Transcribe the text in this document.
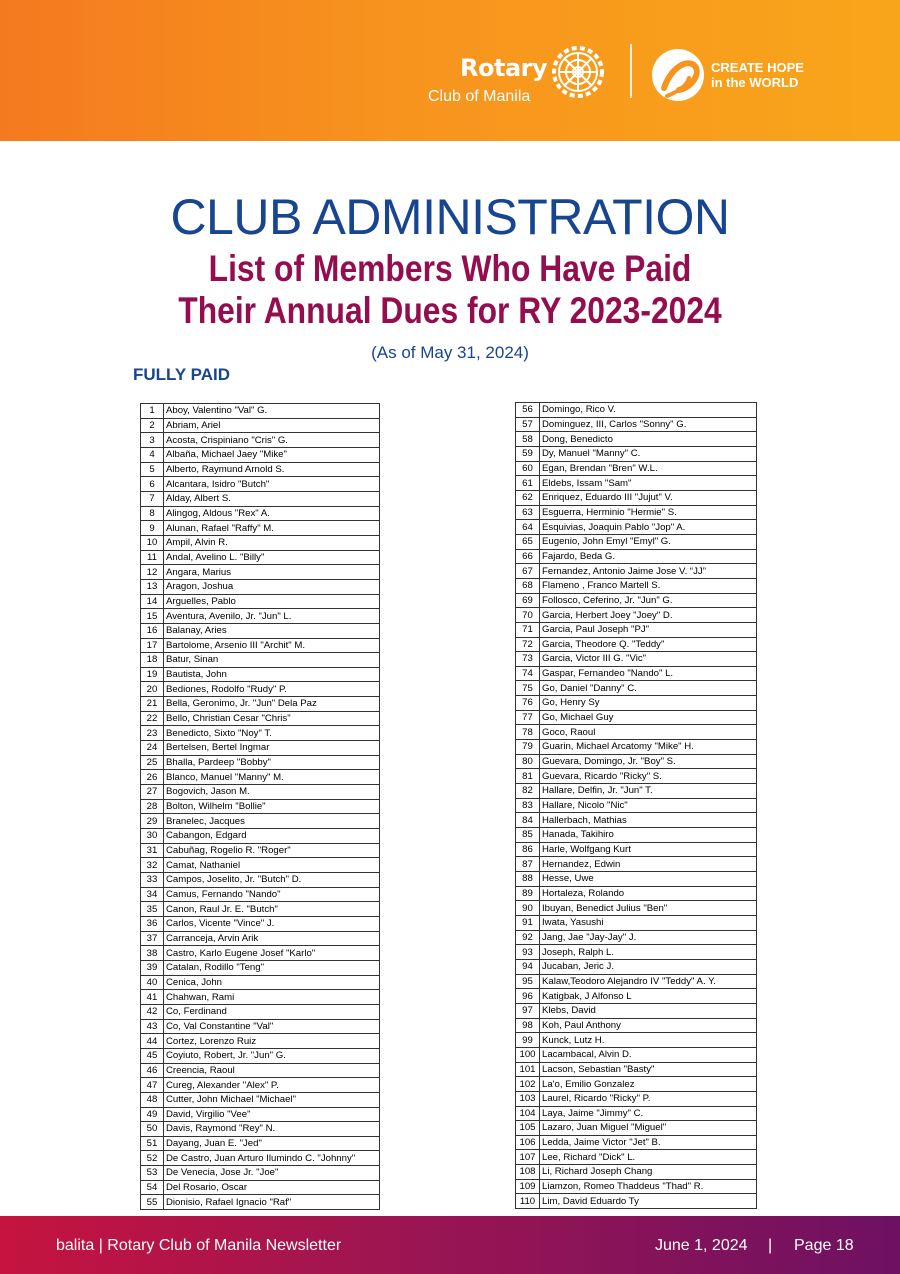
Rotary
Club of Manila
CREATE HOPE
in the WORLD
CLUB ADMINISTRATION
List of Members Who Have Paid
Their Annual Dues for RY 2023-2024
(As of May 31, 2024)
FULLY PAID
1	Aboy, Valentino "Val" G.
2	Abriam, Ariel
3	Acosta, Crispiniano "Cris" G.
4	Albaña, Michael Jaey "Mike"
5	Alberto, Raymund Arnold S.
6	Alcantara, Isidro "Butch"
7	Alday, Albert S.
8	Alingog, Aldous "Rex" A.
9	Alunan, Rafael "Raffy" M.
10	Ampil, Alvin R.
11	Andal, Avelino L. "Billy"
12	Angara, Marius
13	Aragon, Joshua
14	Arguelles, Pablo
15	Aventura, Avenilo, Jr. "Jun" L.
16	Balanay, Aries
17	Bartolome, Arsenio III "Archit" M.
18	Batur, Sinan
19	Bautista, John
20	Bediones, Rodolfo "Rudy" P.
21	Bella, Geronimo, Jr. "Jun" Dela Paz
22	Bello, Christian Cesar "Chris"
23	Benedicto, Sixto "Noy" T.
24	Bertelsen, Bertel Ingmar
25	Bhalla, Pardeep "Bobby"
26	Blanco, Manuel "Manny" M.
27	Bogovich, Jason M.
28	Bolton, Wilhelm "Bollie"
29	Branelec, Jacques
30	Cabangon, Edgard
31	Cabuñag, Rogelio R. "Roger"
32	Camat, Nathaniel
33	Campos, Joselito, Jr. "Butch" D.
34	Camus, Fernando "Nando"
35	Canon, Raul Jr. E. "Butch"
36	Carlos, Vicente "Vince" J.
37	Carranceja, Arvin Arik
38	Castro, Karlo Eugene Josef "Karlo"
39	Catalan, Rodillo "Teng"
40	Cenica, John
41	Chahwan, Rami
42	Co, Ferdinand
43	Co, Val Constantine "Val"
44	Cortez, Lorenzo Ruiz
45	Coyiuto, Robert, Jr. "Jun" G.
46	Creencia, Raoul
47	Cureg, Alexander "Alex" P.
48	Cutter, John Michael "Michael"
49	David, Virgilio "Vee"
50	Davis, Raymond "Rey" N.
51	Dayang, Juan E. "Jed"
52	De Castro, Juan Arturo Ilumindo C. "Johnny"
53	De Venecia, Jose Jr. "Joe"
54	Del Rosario, Oscar
55	Dionisio, Rafael Ignacio "Raf"
56	Domingo, Rico V.
57	Dominguez, III, Carlos "Sonny" G.
58	Dong, Benedicto
59	Dy, Manuel "Manny" C.
60	Egan, Brendan "Bren" W.L.
61	Eldebs, Issam "Sam"
62	Enriquez, Eduardo III "Jujut" V.
63	Esguerra, Herminio "Hermie" S.
64	Esquivias, Joaquin Pablo "Jop" A.
65	Eugenio, John Emyl "Emyl" G.
66	Fajardo, Beda G.
67	Fernandez, Antonio Jaime Jose V. “JJ”
68	Flameno , Franco Martell S.
69	Follosco, Ceferino, Jr. "Jun" G.
70	Garcia, Herbert Joey "Joey" D.
71	Garcia, Paul Joseph "PJ"
72	Garcia, Theodore Q. "Teddy"
73	Garcia, Victor III G. "Vic"
74	Gaspar, Fernandeo "Nando" L.
75	Go, Daniel "Danny" C.
76	Go, Henry Sy
77	Go, Michael Guy
78	Goco, Raoul
79	Guarin, Michael Arcatomy "Mike" H.
80	Guevara, Domingo, Jr. "Boy" S.
81	Guevara, Ricardo "Ricky" S.
82	Hallare, Delfin, Jr. "Jun" T.
83	Hallare, Nicolo "Nic"
84	Hallerbach, Mathias
85	Hanada, Takihiro
86	Harle, Wolfgang Kurt
87	Hernandez, Edwin
88	Hesse, Uwe
89	Hortaleza, Rolando
90	Ibuyan, Benedict Julius "Ben"
91	Iwata, Yasushi
92	Jang, Jae "Jay-Jay" J.
93	Joseph, Ralph L.
94	Jucaban, Jeric J.
95	Kalaw,Teodoro Alejandro IV "Teddy" A. Y.
96	Katigbak, J Alfonso L
97	Klebs, David
98	Koh, Paul Anthony
99	Kunck, Lutz H.
100	Lacambacal, Alvin D.
101	Lacson, Sebastian "Basty"
102	La'o, Emilio Gonzalez
103	Laurel, Ricardo "Ricky" P.
104	Laya, Jaime "Jimmy" C.
105	Lazaro, Juan Miguel "Miguel"
106	Ledda, Jaime Victor "Jet" B.
107	Lee, Richard "Dick" L.
108	Li, Richard Joseph Chang
109	Liamzon, Romeo Thaddeus "Thad" R.
110	Lim, David Eduardo Ty
balita | Rotary Club of Manila Newsletter	June 1, 2024 | Page 18
